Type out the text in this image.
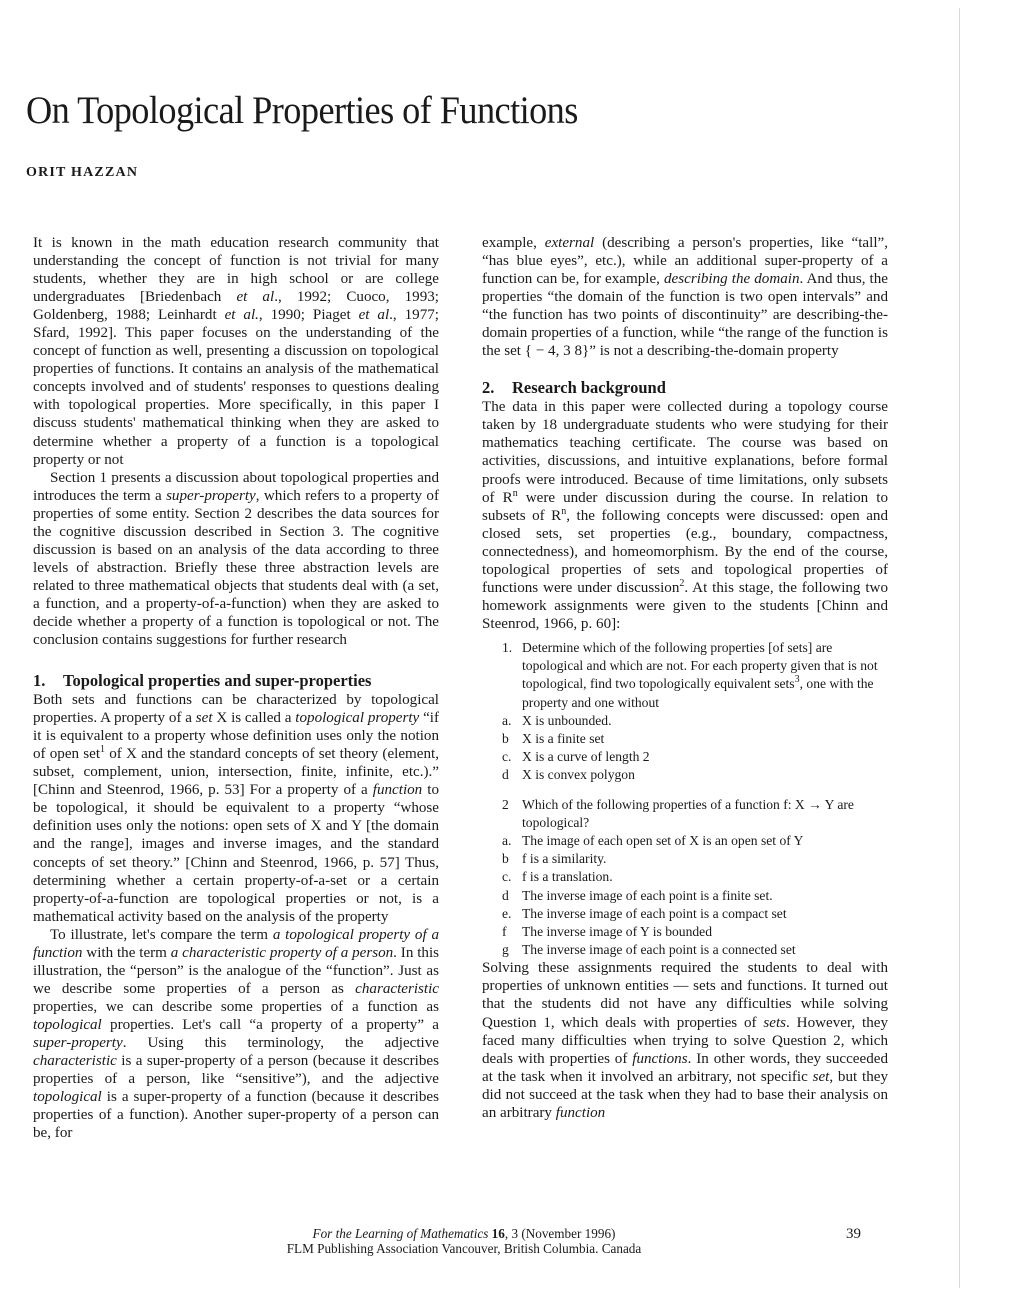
On Topological Properties of Functions
ORIT HAZZAN

It is known in the math education research community that understanding the concept of function is not trivial for many students, whether they are in high school or are college undergraduates [Briedenbach et al., 1992; Cuoco, 1993; Goldenberg, 1988; Leinhardt et al., 1990; Piaget et al., 1977; Sfard, 1992]. This paper focuses on the understanding of the concept of function as well, presenting a discussion on topological properties of functions. It contains an analysis of the mathematical concepts involved and of students' responses to questions dealing with topological properties. More specifically, in this paper I discuss students' mathematical thinking when they are asked to determine whether a property of a function is a topological property or not

Section 1 presents a discussion about topological properties and introduces the term a super-property, which refers to a property of properties of some entity. Section 2 describes the data sources for the cognitive discussion described in Section 3. The cognitive discussion is based on an analysis of the data according to three levels of abstraction. Briefly these three abstraction levels are related to three mathematical objects that students deal with (a set, a function, and a property-of-a-function) when they are asked to decide whether a property of a function is topological or not. The conclusion contains suggestions for further research

1. Topological properties and super-properties

Both sets and functions can be characterized by topological properties. A property of a set X is called a topological property “if it is equivalent to a property whose definition uses only the notion of open set$^1$ of X and the standard concepts of set theory (element, subset, complement, union, intersection, finite, infinite, etc.).” [Chinn and Steenrod, 1966, p. 53] For a property of a function to be topological, it should be equivalent to a property “whose definition uses only the notions: open sets of X and Y [the domain and the range], images and inverse images, and the standard concepts of set theory.” [Chinn and Steenrod, 1966, p. 57] Thus, determining whether a certain property-of-a-set or a certain property-of-a-function are topological properties or not, is a mathematical activity based on the analysis of the property

To illustrate, let's compare the term a topological property of a function with the term a characteristic property of a person. In this illustration, the “person” is the analogue of the “function”. Just as we describe some properties of a person as characteristic properties, we can describe some properties of a function as topological properties. Let's call “a property of a property” a super-property. Using this terminology, the adjective characteristic is a super-property of a person (because it describes properties of a person, like “sensitive”), and the adjective topological is a super-property of a function (because it describes properties of a function). Another super-property of a person can be, for

example, external (describing a person's properties, like “tall”, “has blue eyes”, etc.), while an additional super-property of a function can be, for example, describing the domain. And thus, the properties “the domain of the function is two open intervals” and “the function has two points of discontinuity” are describing-the-domain properties of a function, while “the range of the function is the set { − 4, 3 8}” is not a describing-the-domain property

2. Research background

The data in this paper were collected during a topology course taken by 18 undergraduate students who were studying for their mathematics teaching certificate. The course was based on activities, discussions, and intuitive explanations, before formal proofs were introduced. Because of time limitations, only subsets of $R^n$ were under discussion during the course. In relation to subsets of $R^n$, the following concepts were discussed: open and closed sets, set properties (e.g., boundary, compactness, connectedness), and homeomorphism. By the end of the course, topological properties of sets and topological properties of functions were under discussion$^2$. At this stage, the following two homework assignments were given to the students [Chinn and Steenrod, 1966, p. 60]:

1. Determine which of the following properties [of sets] are topological and which are not. For each property given that is not topological, find two topologically equivalent sets$^3$, one with the property and one without
a. X is unbounded.
b X is a finite set
c. X is a curve of length 2
d X is convex polygon
2 Which of the following properties of a function f: X → Y are topological?
a. The image of each open set of X is an open set of Y
b f is a similarity.
c. f is a translation.
d The inverse image of each point is a finite set.
e. The inverse image of each point is a compact set
f	The inverse image of Y is bounded
g The inverse image of each point is a connected set

Solving these assignments required the students to deal with properties of unknown entities — sets and functions. It turned out that the students did not have any difficulties while solving Question 1, which deals with properties of sets. However, they faced many difficulties when trying to solve Question 2, which deals with properties of functions. In other words, they succeeded at the task when it involved an arbitrary, not specific set, but they did not succeed at the task when they had to base their analysis on an arbitrary function

For the Learning of Mathematics 16, 3 (November 1996)
FLM Publishing Association Vancouver, British Columbia. Canada
39
